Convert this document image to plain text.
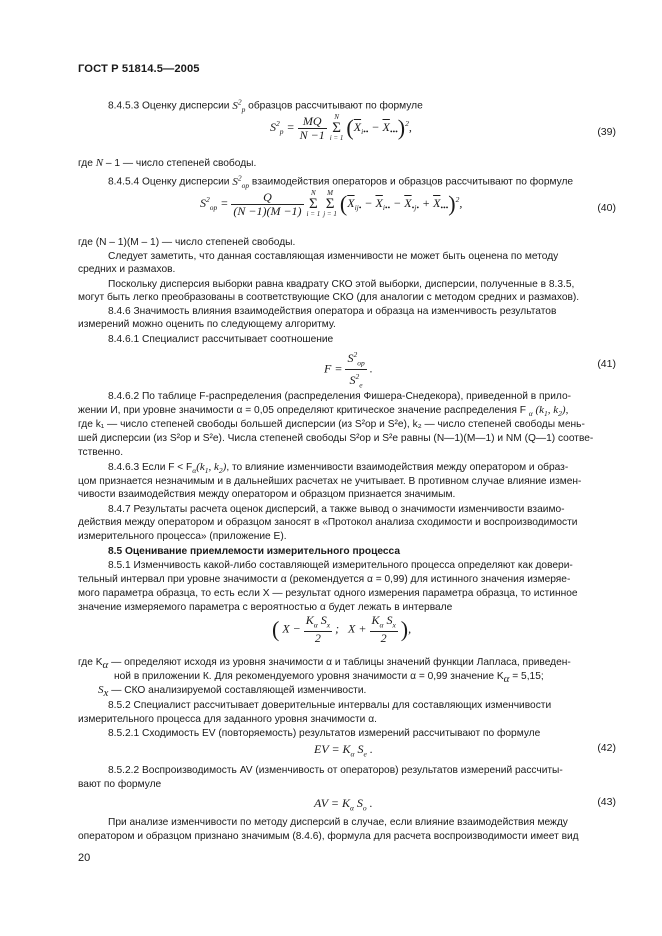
ГОСТ Р 51814.5—2005
8.4.5.3 Оценку дисперсии $S^2_р$ образцов рассчитывают по формуле
$S^2_р = \frac{MQ}{N -1}$ N
Σ
i = 1 $(\overline{X}_{i••} - \overline{X}_{•••})^2$,	(39)
где N – 1 — число степеней свободы.
8.4.5.4 Оценку дисперсии $S^2_{ор}$ взаимодействия операторов и образцов рассчитывают по формуле
$S^2_{ор} = \frac{Q}{(N -1)(M -1)}$ N
Σ
i = 1 M
Σ
j = 1 $(\overline{X}_{ij•} - \overline{X}_{i••} - \overline{X}_{•j•} + \overline{X}_{•••})^2$,	(40)
где (N – 1)(M – 1) — число степеней свободы.
Следует заметить, что данная составляющая изменчивости не может быть оценена по методу
средних и размахов.
Поскольку дисперсия выборки равна квадрату СКО этой выборки, дисперсии, полученные в 8.3.5,
могут быть легко преобразованы в соответствующие СКО (для аналогии с методом средних и размахов).
8.4.6 Значимость влияния взаимодействия оператора и образца на изменчивость результатов
измерений можно оценить по следующему алгоритму.
8.4.6.1 Специалист рассчитывает соотношение
F =
$S^2_{ор}$
$S^2_е$
.	(41)
8.4.6.2 По таблице F-распределения (распределения Фишера-Снедекора), приведенной в прило-
жении И, при уровне значимости α = 0,05 определяют критическое значение распределения F $_\alpha$ ($k_1$, $k_2$),
где k₁ — число степеней свободы большей дисперсии (из S²ор и S²е), k₂ — число степеней свободы мень-
шей дисперсии (из S²ор и S²е). Числа степеней свободы S²ор и S²е равны (N—1)(M—1) и NM (Q—1) соотве-
тственно.
8.4.6.3 Если $F < F_\alpha(k_1$, $k_2$), то влияние изменчивости взаимодействия между оператором и образ-
цом признается незначимым и в дальнейших расчетах не учитывает. В противном случае влияние измен-
чивости взаимодействия между оператором и образцом признается значимым.
8.4.7 Результаты расчета оценок дисперсий, а также вывод о значимости изменчивости взаимо-
действия между оператором и образцом заносят в «Протокол анализа сходимости и воспроизводимости
измерительного процесса» (приложение Е).
8.5 Оценивание приемлемости измерительного процесса
8.5.1 Изменчивость какой-либо составляющей измерительного процесса определяют как довери-
тельный интервал при уровне значимости α (рекомендуется α = 0,99) для истинного значения измеряе-
мого параметра образца, то есть если X — результат одного измерения параметра образца, то истинное
значение измеряемого параметра с вероятностью α будет лежать в интервале
( $X - \frac{K_\alpha S_x}{2}$ ;   $X + \frac{K_\alpha S_x}{2}$ ),
где $K_\alpha$ — определяют исходя из уровня значимости α и таблицы значений функции Лапласа, приведен-
ной в приложении К. Для рекомендуемого уровня значимости α = 0,99 значение $K_\alpha = 5,15$;
$S_x$ — СКО анализируемой составляющей изменчивости.
8.5.2 Специалист рассчитывает доверительные интервалы для составляющих изменчивости
измерительного процесса для заданного уровня значимости α.
8.5.2.1 Сходимость EV (повторяемость) результатов измерений рассчитывают по формуле
EV = $K_\alpha$ $S_e$ .	(42)
8.5.2.2 Воспроизводимость AV (изменчивость от операторов) результатов измерений рассчиты-
вают по формуле
AV = $K_\alpha$ $S_о$ .	(43)
При анализе изменчивости по методу дисперсий в случае, если влияние взаимодействия между
оператором и образцом признано значимым (8.4.6), формула для расчета воспроизводимости имеет вид
20
